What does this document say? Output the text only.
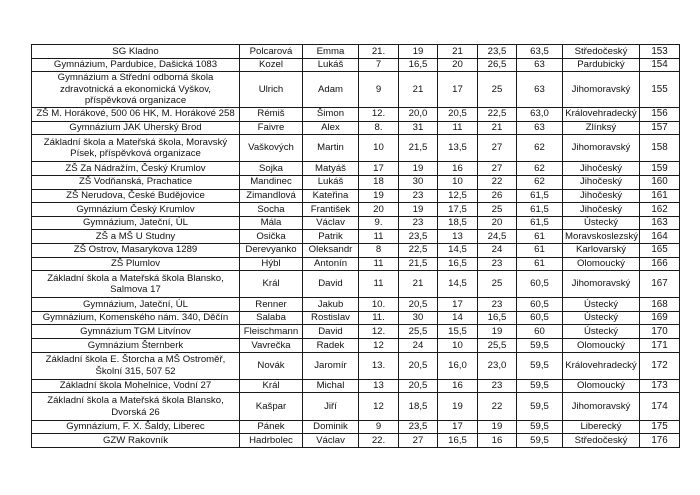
SG Kladno	Polcarová	Emma	21.	19	21	23,5	63,5	Středočeský	153
Gymnázium, Pardubice, Dašická 1083	Kozel	Lukáš	7	16,5	20	26,5	63	Pardubický	154
Gymnázium a Střední odborná škola zdravotnická a ekonomická Vyškov, příspěvková organizace	Ulrich	Adam	9	21	17	25	63	Jihomoravský	155
ZŠ M. Horákové, 500 06 HK, M. Horákové 258	Rémiš	Šimon	12.	20,0	20,5	22,5	63,0	Královehradecký	156
Gymnázium JAK Uherský Brod	Faivre	Alex	8.	31	11	21	63	Zlínksý	157
Základní škola a Mateřská škola, Moravský Písek, příspěvková organizace	Vaškových	Martin	10	21,5	13,5	27	62	Jihomoravský	158
ZŠ Za Nádražím, Český Krumlov	Sojka	Matyáš	17	19	16	27	62	Jihočeský	159
ZŠ Vodňanská, Prachatice	Mandinec	Lukáš	18	30	10	22	62	Jihočeský	160
ZŠ Nerudova, České Budějovice	Zimandlová	Kateřina	19	23	12,5	26	61,5	Jihočeský	161
Gymnázium Český Krumlov	Socha	František	20	19	17,5	25	61,5	Jihočeský	162
Gymnázium, Jateční, ÚL	Mála	Václav	9.	23	18,5	20	61,5	Ústecký	163
ZŠ a MŠ U Studny	Osička	Patrik	11	23,5	13	24,5	61	Moravskoslezský	164
ZŠ Ostrov, Masarykova 1289	Derevyanko	Oleksandr	8	22,5	14,5	24	61	Karlovarský	165
ZŠ Plumlov	Hýbl	Antonín	11	21,5	16,5	23	61	Olomoucký	166
Základní škola a Mateřská škola Blansko, Salmova 17	Král	David	11	21	14,5	25	60,5	Jihomoravský	167
Gymnázium, Jateční, ÚL	Renner	Jakub	10.	20,5	17	23	60,5	Ústecký	168
Gymnázium, Komenského nám. 340, Děčín	Salaba	Rostislav	11.	30	14	16,5	60,5	Ústecký	169
Gymnázium TGM Litvínov	Fleischmann	David	12.	25,5	15,5	19	60	Ústecký	170
Gymnázium Šternberk	Vavrečka	Radek	12	24	10	25,5	59,5	Olomoucký	171
Základní škola E. Štorcha a MŠ Ostroměř, Školní 315, 507 52	Novák	Jaromír	13.	20,5	16,0	23,0	59,5	Královehradecký	172
Základní škola Mohelnice, Vodní 27	Král	Michal	13	20,5	16	23	59,5	Olomoucký	173
Základní škola a Mateřská škola Blansko, Dvorská 26	Kašpar	Jiří	12	18,5	19	22	59,5	Jihomoravský	174
Gymnázium, F. X. Šaldy, Liberec	Pánek	Dominik	9	23,5	17	19	59,5	Liberecký	175
GZW Rakovník	Hadrbolec	Václav	22.	27	16,5	16	59,5	Středočeský	176
